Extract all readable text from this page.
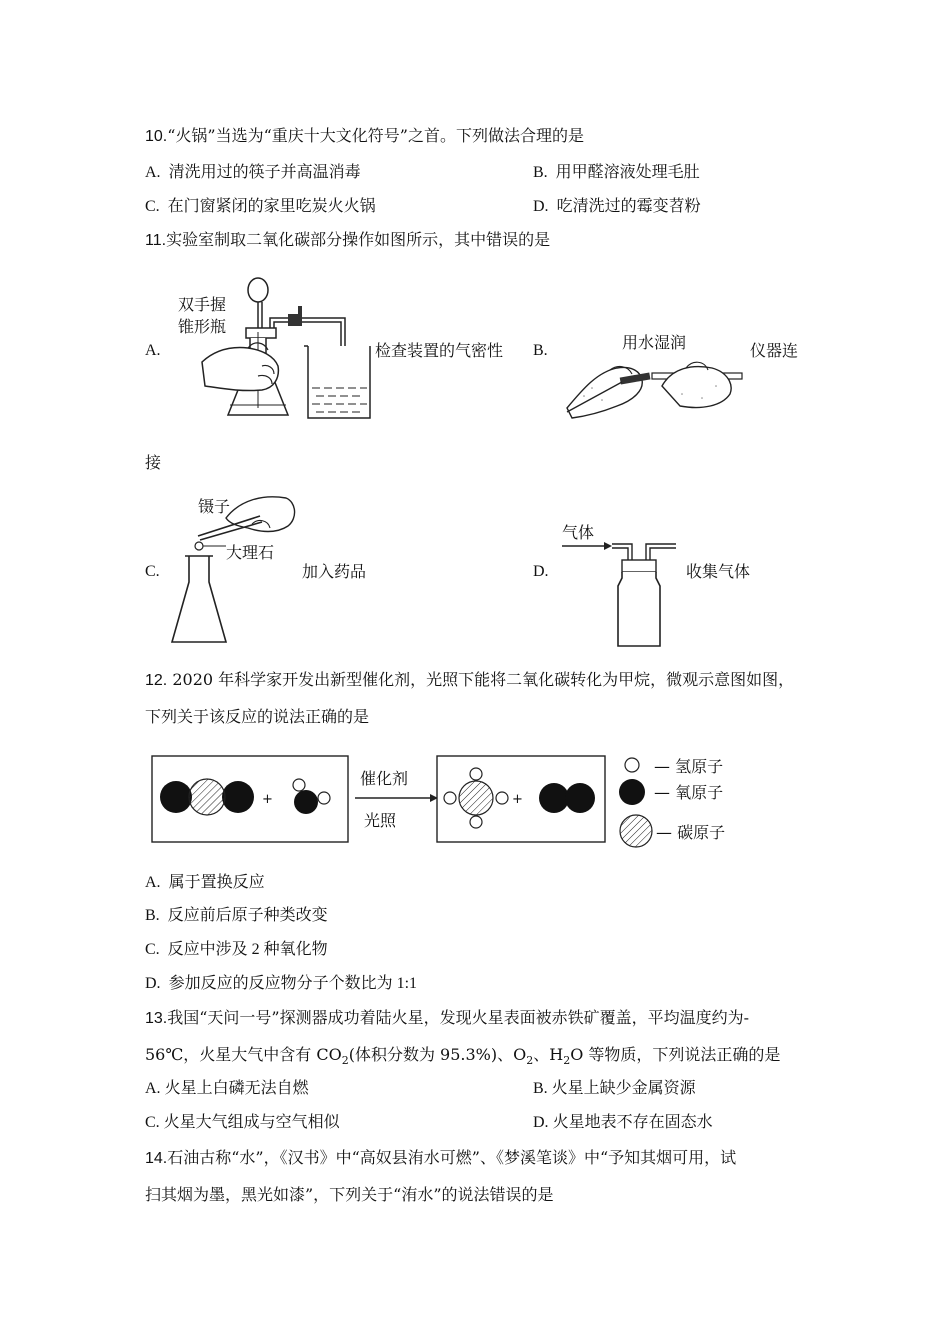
10.“火锅”当选为“重庆十大文化符号”之首。下列做法合理的是
A. 清洗用过的筷子并高温消毒	B. 用甲醛溶液处理毛肚
C. 在门窗紧闭的家里吃炭火火锅	D. 吃清洗过的霉变苕粉
11.实验室制取二氧化碳部分操作如图所示，其中错误的是
A.
双手握
锥形瓶
检查装置的气密性 B.	用水湿润	仪器连
接
C.
镊子
大理石
加入药品	D.
气体
收集气体
12. 2020 年科学家开发出新型催化剂，光照下能将二氧化碳转化为甲烷，微观示意图如图，
下列关于该反应的说法正确的是
+	+
催化剂
光照
— 氢原子
— 氧原子
— 碳原子
A. 属于置换反应
B. 反应前后原子种类改变
C. 反应中涉及 2 种氧化物
D. 参加反应的反应物分子个数比为 1:1
13.我国“天问一号”探测器成功着陆火星，发现火星表面被赤铁矿覆盖，平均温度约为-
56℃，火星大气中含有 $CO_2$(体积分数为 95.3%)、$O_2$、$H_2O$ 等物质，下列说法正确的是
A. 火星上白磷无法自燃	B. 火星上缺少金属资源
C. 火星大气组成与空气相似	D. 火星地表不存在固态水
14.石油古称“水”，《汉书》中“高奴县洧水可燃”、《梦溪笔谈》中“予知其烟可用，试
扫其烟为墨，黑光如漆”，下列关于“洧水”的说法错误的是
